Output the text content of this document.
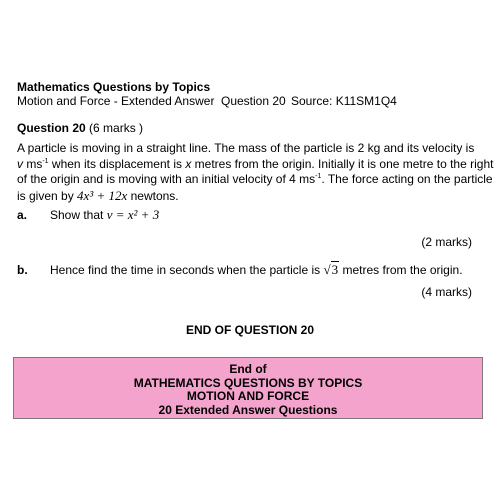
Mathematics Questions by Topics
Motion and Force - Extended Answer Question 20 Source: K11SM1Q4
Question 20 (6 marks )

A particle is moving in a straight line. The mass of the particle is 2 kg and its velocity is

v $ms^{-1}$ when its displacement is x metres from the origin. Initially it is one metre to the right

of the origin and is moving with an initial velocity of 4 $ms^{-1}$. The force acting on the particle

is given by 4x³ + 12x newtons.

a. Show that v = x² + 3
(2 marks)
b. Hence find the time in seconds when the particle is √3 metres from the origin.
(4 marks)
END OF QUESTION 20
End of
MATHEMATICS QUESTIONS BY TOPICS
MOTION AND FORCE
20 Extended Answer Questions
